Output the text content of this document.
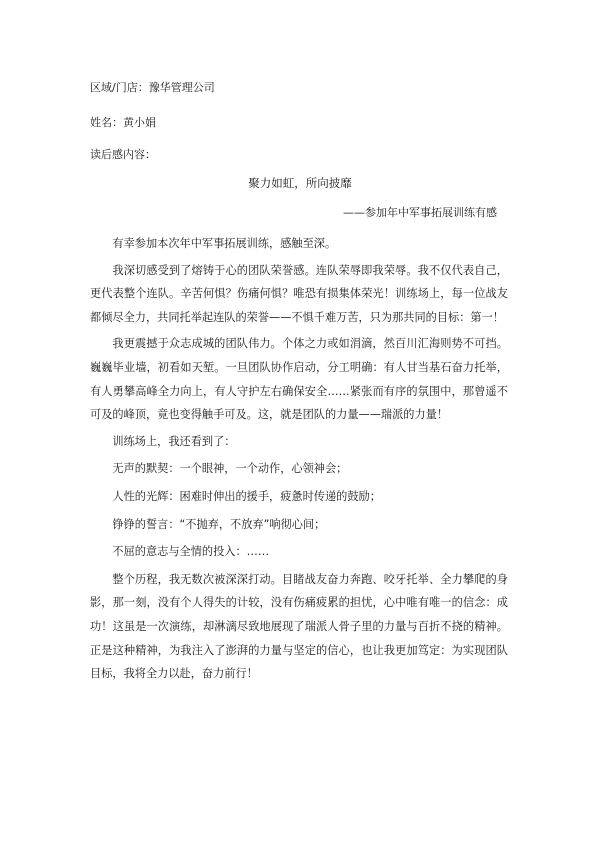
区域/门店：豫华管理公司
姓名：黄小娟
读后感内容：
聚力如虹，所向披靡
——参加年中军事拓展训练有感

有幸参加本次年中军事拓展训练，感触至深。

我深切感受到了熔铸于心的团队荣誉感。连队荣辱即我荣辱。我不仅代表自己，更代表整个连队。辛苦何惧？伤痛何惧？唯恐有损集体荣光！训练场上，每一位战友都倾尽全力，共同托举起连队的荣誉——不惧千难万苦，只为那共同的目标：第一！

我更震撼于众志成城的团队伟力。个体之力或如涓滴，然百川汇海则势不可挡。巍巍毕业墙，初看如天堑。一旦团队协作启动，分工明确：有人甘当基石奋力托举，有人勇攀高峰全力向上，有人守护左右确保安全……紧张而有序的氛围中，那曾遥不可及的峰顶，竟也变得触手可及。这，就是团队的力量——瑞派的力量！

训练场上，我还看到了：

无声的默契：一个眼神，一个动作，心领神会；

人性的光辉：困难时伸出的援手，疲惫时传递的鼓励；

铮铮的誓言：“不抛弃，不放弃”响彻心间；

不屈的意志与全情的投入：……

整个历程，我无数次被深深打动。目睹战友奋力奔跑、咬牙托举、全力攀爬的身影，那一刻，没有个人得失的计较，没有伤痛疲累的担忧，心中唯有唯一的信念：成功！这虽是一次演练，却淋漓尽致地展现了瑞派人骨子里的力量与百折不挠的精神。正是这种精神，为我注入了澎湃的力量与坚定的信心，也让我更加笃定：为实现团队目标，我将全力以赴，奋力前行！
